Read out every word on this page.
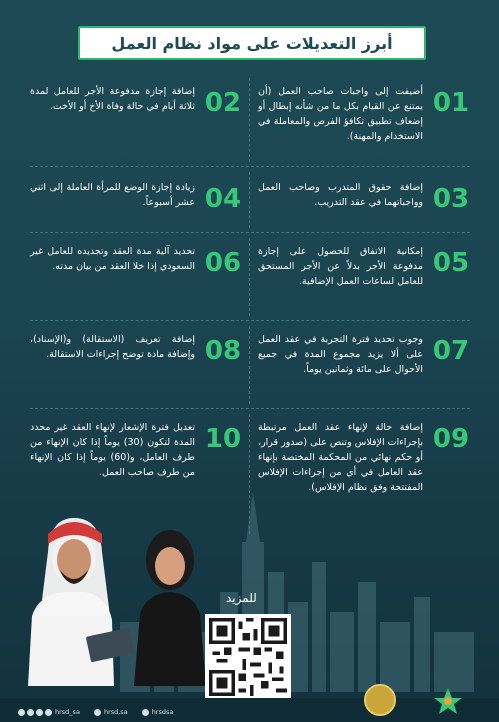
أبرز التعديلات على مواد نظام العمل
01
أضيفت إلى واجبات صاحب العمل (أن يمتنع عن القيام بكل ما من شأنه إبطال أو إضعاف تطبيق تكافؤ الفرص والمعاملة في الاستخدام والمهنة).
03
إضافة حقوق المتدرب وصاحب العمل وواجباتهما في عقد التدريب.
05
إمكانية الاتفاق للحصول على إجازة مدفوعة الأجر بدلاً عن الأجر المستحق للعامل لساعات العمل الإضافية.
07
وجوب تحديد فترة التجربة في عقد العمل على ألا يزيد مجموع المدة في جميع الأحوال على مائة وثمانين يوماً.
09
إضافة حالة لإنهاء عقد العمل مرتبطة بإجراءات الإفلاس وتنص على (صدور قرار، أو حكم نهائي من المحكمة المختصة بإنهاء عقد العامل في أي من إجراءات الإفلاس المفتتحة وفق نظام الإفلاس).
02
إضافة إجازة مدفوعة الأجر للعامل لمدة ثلاثة أيام في حالة وفاة الأخ أو الأخت.
04
زيادة إجازة الوضع للمرأة العاملة إلى اثني عشر أسبوعاً.
06
تحديد آلية مدة العقد وتجديده للعامل غير السعودي إذا خلا العقد من بيان مدته.
08
إضافة تعريف (الاستقالة) و(الإسناد)، وإضافة مادة توضح إجراءات الاستقالة.
10
تعديل فترة الإشعار لإنهاء العقد غير محدد المدة لتكون (30) يوماً إذا كان الإنهاء من طرف العامل، و(60) يوماً إذا كان الإنهاء من طرف صاحب العمل.
للمزيد
hrsd_sa	hrsd.sa	hrsdsa
